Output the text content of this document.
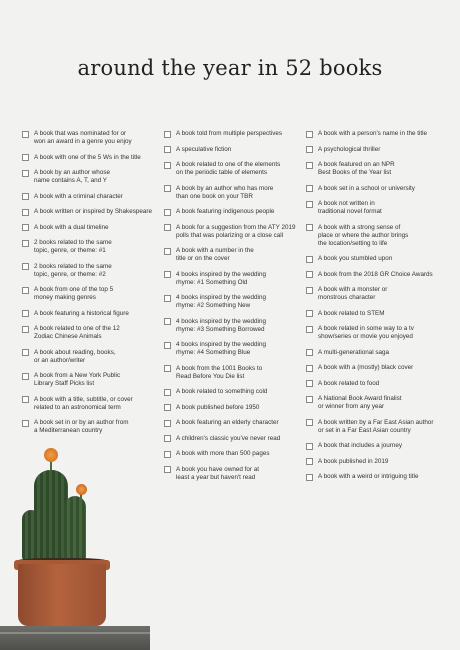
around the year in 52 books
A book that was nominated for or
won an award in a genre you enjoy
A book with one of the 5 Ws in the title
A book by an author whose
name contains A, T, and Y
A book with a criminal character
A book written or inspired by Shakespeare
A book with a dual timeline
2 books related to the same
topic, genre, or theme: #1
2 books related to the same
topic, genre, or theme: #2
A book from one of the top 5
money making genres
A book featuring a historical figure
A book related to one of the 12
Zodiac Chinese Animals
A book about reading, books,
or an author/writer
A book from a New York Public
Library Staff Picks list
A book with a title, subtitle, or cover
related to an astronomical term
A book set in or by an author from
a Mediterranean country
A book told from multiple perspectives
A speculative fiction
A book related to one of the elements
on the periodic table of elements
A book by an author who has more
than one book on your TBR
A book featuring indigenous people
A book for a suggestion from the ATY 2019
polls that was polarizing or a close call
A book with a number in the
title or on the cover
4 books inspired by the wedding
rhyme: #1 Something Old
4 books inspired by the wedding
rhyme: #2 Something New
4 books inspired by the wedding
rhyme: #3 Something Borrowed
4 books inspired by the wedding
rhyme: #4 Something Blue
A book from the 1001 Books to
Read Before You Die list
A book related to something cold
A book published before 1950
A book featuring an elderly character
A children's classic you've never read
A book with more than 500 pages
A book you have owned for at
least a year but haven't read
A book with a person's name in the title
A psychological thriller
A book featured on an NPR
Best Books of the Year list
A book set in a school or university
A book not written in
traditional novel format
A book with a strong sense of
place or where the author brings
the location/setting to life
A book you stumbled upon
A book from the 2018 GR Choice Awards
A book with a monster or
monstrous character
A book related to STEM
A book related in some way to a tv
show/series or movie you enjoyed
A multi-generational saga
A book with a (mostly) black cover
A book related to food
A National Book Award finalist
or winner from any year
A book written by a Far East Asian author
or set in a Far East Asian country
A book that includes a journey
A book published in 2019
A book with a weird or intriguing title
